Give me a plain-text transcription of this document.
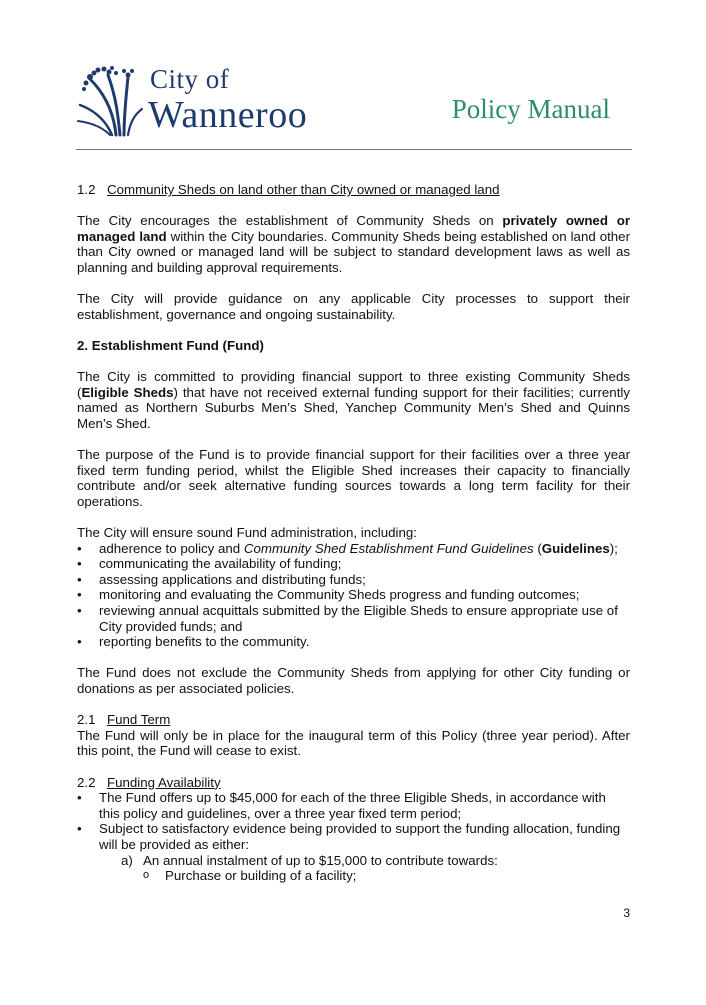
City of
Wanneroo	Policy Manual

1.2 Community Sheds on land other than City owned or managed land

The City encourages the establishment of Community Sheds on privately owned or managed land within the City boundaries. Community Sheds being established on land other than City owned or managed land will be subject to standard development laws as well as planning and building approval requirements.

The City will provide guidance on any applicable City processes to support their establishment, governance and ongoing sustainability.

2. Establishment Fund (Fund)

The City is committed to providing financial support to three existing Community Sheds (Eligible Sheds) that have not received external funding support for their facilities; currently named as Northern Suburbs Men’s Shed, Yanchep Community Men’s Shed and Quinns Men’s Shed.

The purpose of the Fund is to provide financial support for their facilities over a three year fixed term funding period, whilst the Eligible Shed increases their capacity to financially contribute and/or seek alternative funding sources towards a long term facility for their operations.

The City will ensure sound Fund administration, including:

• adherence to policy and Community Shed Establishment Fund Guidelines (Guidelines);
• communicating the availability of funding;
• assessing applications and distributing funds;
• monitoring and evaluating the Community Sheds progress and funding outcomes;
• reviewing annual acquittals submitted by the Eligible Sheds to ensure appropriate use of City provided funds; and
• reporting benefits to the community.

The Fund does not exclude the Community Sheds from applying for other City funding or donations as per associated policies.

2.1 Fund Term

The Fund will only be in place for the inaugural term of this Policy (three year period). After this point, the Fund will cease to exist.

2.2 Funding Availability

• The Fund offers up to $45,000 for each of the three Eligible Sheds, in accordance with this policy and guidelines, over a three year fixed term period;
• Subject to satisfactory evidence being provided to support the funding allocation, funding will be provided as either:
a) An annual instalment of up to $15,000 to contribute towards:
o	Purchase or building of a facility;
3
